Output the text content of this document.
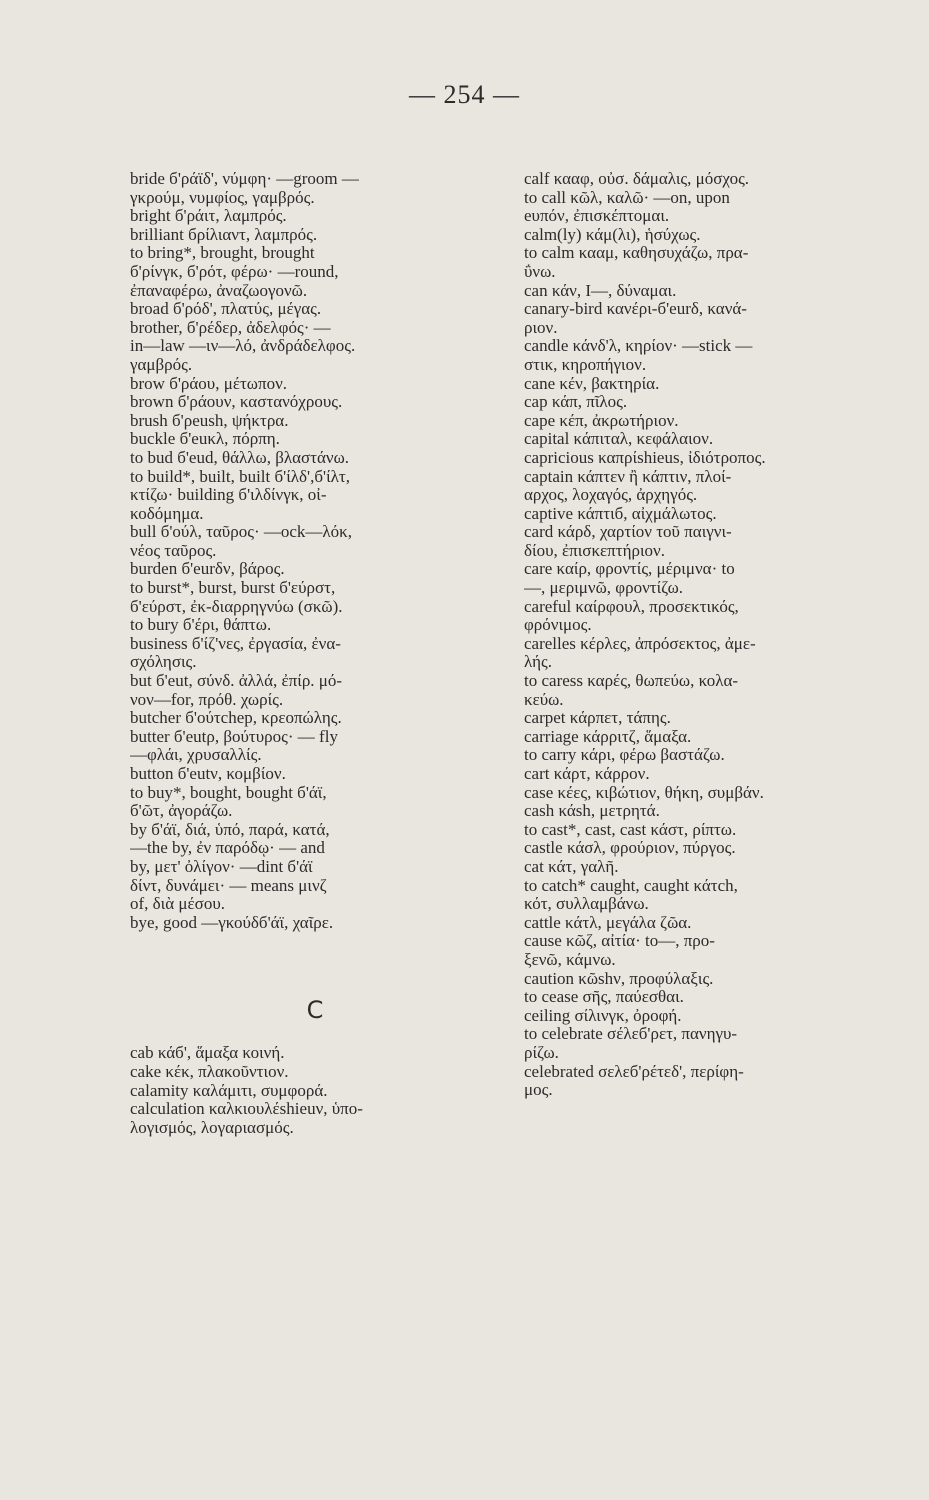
— 254 —
bride б'ράϊδ', νύμφη· —groom —
γκρούμ, νυμφίος, γαμβρός.
bright б'ράιτ, λαμπρός.
brilliant бρίλιαντ, λαμπρός.
to bring*, brought, brought
б'ρίνγκ, б'ρότ, φέρω· —round,
ἐπαναφέρω, ἀναζωογονῶ.
broad б'ρόδ', πλατύς, μέγας.
brother, б'ρέδερ, ἀδελφός· —
in—law —ιν—λό, ἀνδράδελφος.
γαμβρός.
brow б'ράου, μέτωπον.
brown б'ράουν, καστανόχρους.
brush б'ρeush, ψήκτρα.
buckle б'euκλ, πόρπη.
to bud б'eud, θάλλω, βλαστάνω.
to build*, built, built б'ίλδ',б'ίλτ,
κτίζω· building б'ιλδίνγκ, οἰ-
κοδόμημα.
bull б'ούλ, ταῦρος· —ock—λόκ,
νέος ταῦρος.
burden б'eurδν, βάρος.
to burst*, burst, burst б'εύρστ,
б'εύρστ, ἐκ-διαρρηγνύω (σκῶ).
to bury б'έρι, θάπτω.
business б'ίζ'νες, ἐργασία, ἐνα-
σχόλησις.
but б'eut, σύνδ. ἀλλά, ἐπίρ. μό-
νον—for, πρόθ. χωρίς.
butcher б'ούτchep, κρεοπώλης.
butter б'eutρ, βούτυρος· — fly
—φλάι, χρυσαλλίς.
button б'eutν, κομβίον.
to buy*, bought, bought б'άϊ,
б'ῶτ, ἀγοράζω.
by б'άϊ, διά, ὑπό, παρά, κατά,
—the by, ἐν παρόδῳ· — and
by, μετ' ὀλίγον· —dint б'άϊ
δίντ, δυνάμει· — means μινζ
of, διὰ μέσου.
bye, good —γκούδб'άϊ, χαῖρε.
C
cab κάб', ἅμαξα κοινή.
cake κέκ, πλακοῦντιον.
calamity καλάμιτι, συμφορά.
calculation καλκιουλέshieuν, ὑπο-
λογισμός, λογαριασμός.
calf κααφ, οὐσ. δάμαλις, μόσχος.
to call κῶλ, καλῶ· —on, upon
eυπόν, ἐπισκέπτομαι.
calm(ly) κάμ(λι), ἡσύχως.
to calm κααμ, καθησυχάζω, πρα-
ΰνω.
can κάν, I—, δύναμαι.
canary-bird κανέρι-б'eurδ, κανά-
ριον.
candle κάνδ'λ, κηρίον· —stick —
στικ, κηροπήγιον.
cane κέν, βακτηρία.
cap κάπ, πῖλος.
cape κέπ, ἀκρωτήριον.
capital κάπιταλ, κεφάλαιον.
capricious καπρίshieus, ἰδιότροπος.
captain κάπτεν ἢ κάπτιν, πλοί-
αρχος, λοχαγός, ἀρχηγός.
captive κάπτιб, αἰχμάλωτος.
card κάρδ, χαρτίον τοῦ παιγνι-
δίου, ἐπισκεπτήριον.
care καίρ, φροντίς, μέριμνα· to
—, μεριμνῶ, φροντίζω.
careful καίρφουλ, προσεκτικός,
φρόνιμος.
carelles κέρλες, ἀπρόσεκτος, ἀμε-
λής.
to caress καρές, θωπεύω, κολα-
κεύω.
carpet κάρπετ, τάπης.
carriage κάρριτζ, ἅμαξα.
to carry κάρι, φέρω βαστάζω.
cart κάρτ, κάρρον.
case κέες, κιβώτιον, θήκη, συμβάν.
cash κάsh, μετρητά.
to cast*, cast, cast κάστ, ρίπτω.
castle κάσλ, φρούριον, πύργος.
cat κάτ, γαλῆ.
to catch* caught, caught κάτch,
κότ, συλλαμβάνω.
cattle κάτλ, μεγάλα ζῶα.
cause κῶζ, αἰτία· to—, προ-
ξενῶ, κάμνω.
caution κῶshν, προφύλαξις.
to cease σῆς, παύεσθαι.
ceiling σίλινγκ, ὀροφή.
to celebrate σέλεб'ρετ, πανηγυ-
ρίζω.
celebrated σελεб'ρέτεδ', περίφη-
μος.
